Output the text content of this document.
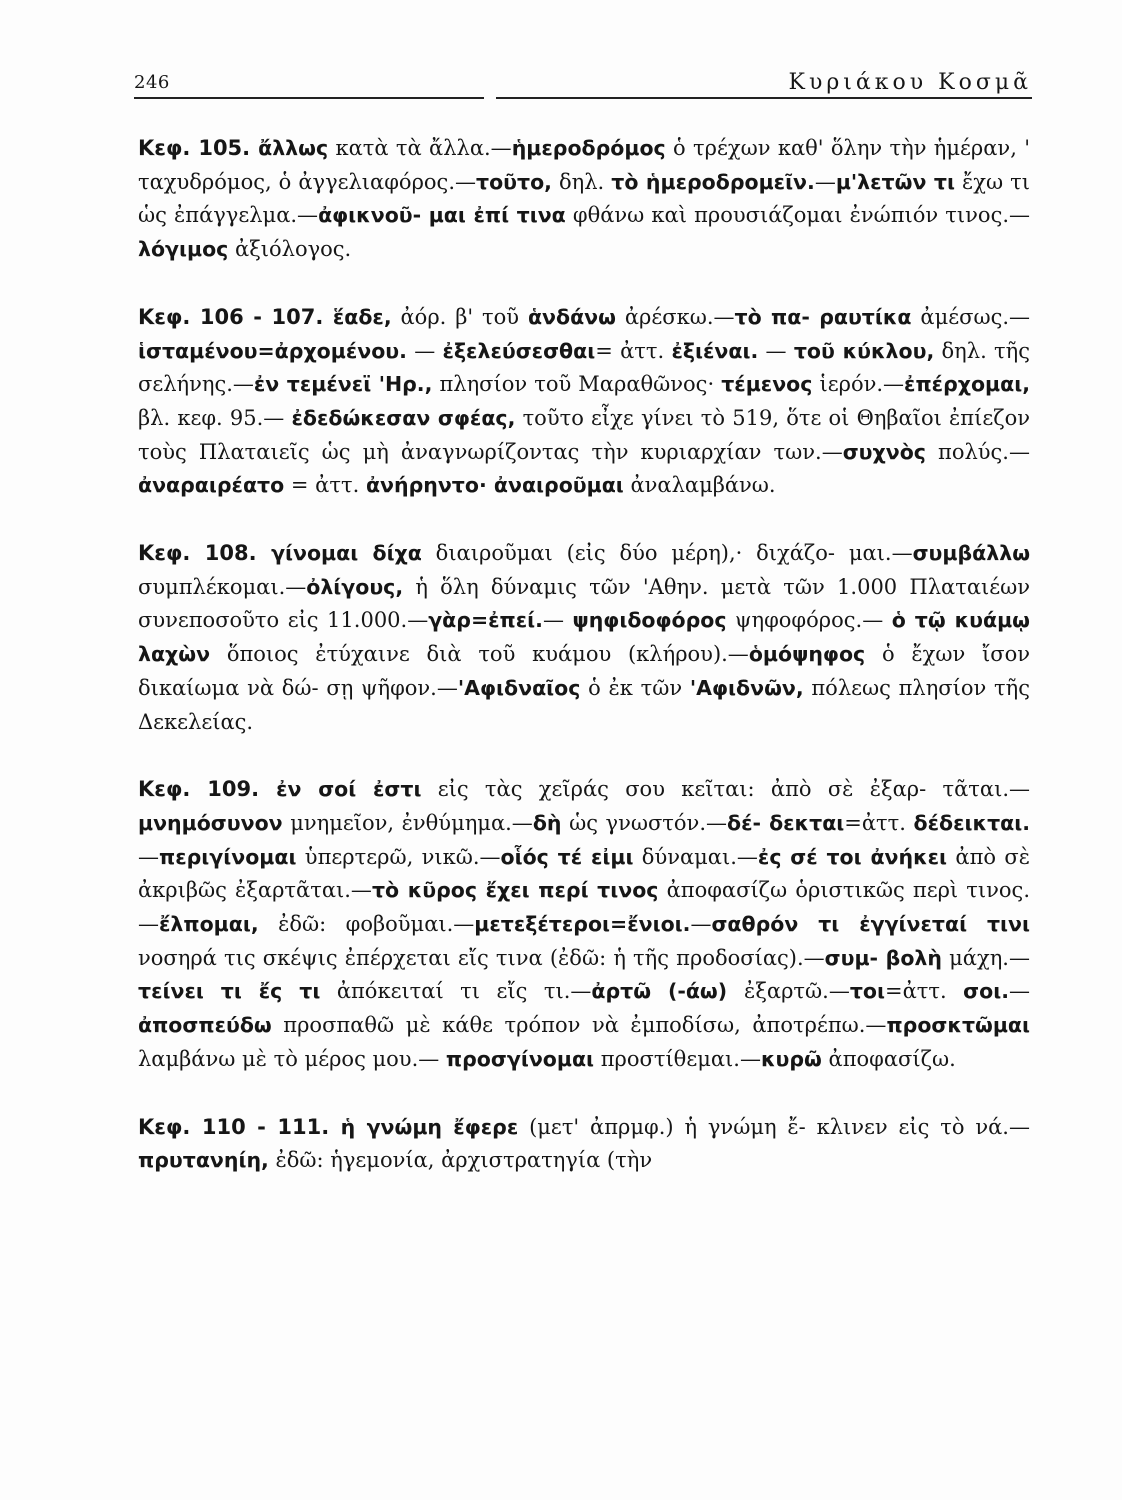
246	Κυριάκου Κοσμᾶ

Κεφ. 105. ἄλλως κατὰ τὰ ἄλλα.—ἡμεροδρόμος ὁ τρέχων καθ' ὅλην τὴν ἡμέραν, ' ταχυδρόμος, ὁ ἀγγελιαφόρος.—τοῦτο, δηλ. τὸ ἡμεροδρομεῖν.—μ'λετῶν τι ἔχω τι ὡς ἐπάγγελμα.—ἀφικνοῦ- μαι ἐπί τινα φθάνω καὶ προυσιάζομαι ἐνώπιόν τινος.—λόγιμος ἀξιόλογος.

Κεφ. 106 - 107. ἕαδε, ἀόρ. β' τοῦ ἁνδάνω ἀρέσκω.—τὸ πα- ραυτίκα ἀμέσως.—ἱσταμένου=ἀρχομένου. — ἐξελεύσεσθαι= ἀττ. ἐξιέναι. — τοῦ κύκλου, δηλ. τῆς σελήνης.—ἐν τεμένεϊ 'Ηρ., πλησίον τοῦ Μαραθῶνος· τέμενος ἱερόν.—ἐπέρχομαι, βλ. κεφ. 95.— ἐδεδώκεσαν σφέας, τοῦτο εἶχε γίνει τὸ 519, ὅτε οἱ Θηβαῖοι ἐπίεζον τοὺς Πλαταιεῖς ὡς μὴ ἀναγνωρίζοντας τὴν κυριαρχίαν των.—συχνὸς πολύς.— ἀναραιρέατο = ἀττ. ἀνήρηντο· ἀναιροῦμαι ἀναλαμβάνω.

Κεφ. 108. γίνομαι δίχα διαιροῦμαι (εἰς δύο μέρη),· διχάζο- μαι.—συμβάλλω συμπλέκομαι.—ὀλίγους, ἡ ὅλη δύναμις τῶν 'Αθην. μετὰ τῶν 1.000 Πλαταιέων συνεποσοῦτο εἰς 11.000.—γὰρ=ἐπεί.— ψηφιδοφόρος ψηφοφόρος.— ὁ τῷ κυάμῳ λαχὼν ὅποιος ἐτύχαινε διὰ τοῦ κυάμου (κλήρου).—ὁμόψηφος ὁ ἔχων ἴσον δικαίωμα νὰ δώ- σῃ ψῆφον.—'Αφιδναῖος ὁ ἐκ τῶν 'Αφιδνῶν, πόλεως πλησίον τῆς Δεκελείας.

Κεφ. 109. ἐν σοί ἐστι εἰς τὰς χεῖράς σου κεῖται: ἀπὸ σὲ ἐξαρ- τᾶται.—μνημόσυνον μνημεῖον, ἐνθύμημα.—δὴ ὡς γνωστόν.—δέ- δεκται=ἀττ. δέδεικται.—περιγίνομαι ὑπερτερῶ, νικῶ.—οἷός τέ εἰμι δύναμαι.—ἐς σέ τοι ἀνήκει ἀπὸ σὲ ἀκριβῶς ἐξαρτᾶται.—τὸ κῦρος ἔχει περί τινος ἀποφασίζω ὁριστικῶς περὶ τινος.—ἔλπομαι, ἐδῶ: φοβοῦμαι.—μετεξέτεροι=ἔνιοι.—σαθρόν τι ἐγγίνεταί τινι νοσηρά τις σκέψις ἐπέρχεται εἴς τινα (ἐδῶ: ἡ τῆς προδοσίας).—συμ- βολὴ μάχη.—τείνει τι ἔς τι ἀπόκειταί τι εἴς τι.—ἀρτῶ (-άω) ἐξαρτῶ.—τοι=ἀττ. σοι.—ἀποσπεύδω προσπαθῶ μὲ κάθε τρόπον νὰ ἐμποδίσω, ἀποτρέπω.—προσκτῶμαι λαμβάνω μὲ τὸ μέρος μου.— προσγίνομαι προστίθεμαι.—κυρῶ ἀποφασίζω.

Κεφ. 110 - 111. ἡ γνώμη ἔφερε (μετ' ἀπρμφ.) ἡ γνώμη ἔ- κλινεν εἰς τὸ νά.—πρυτανηίη, ἐδῶ: ἡγεμονία, ἀρχιστρατηγία (τὴν
